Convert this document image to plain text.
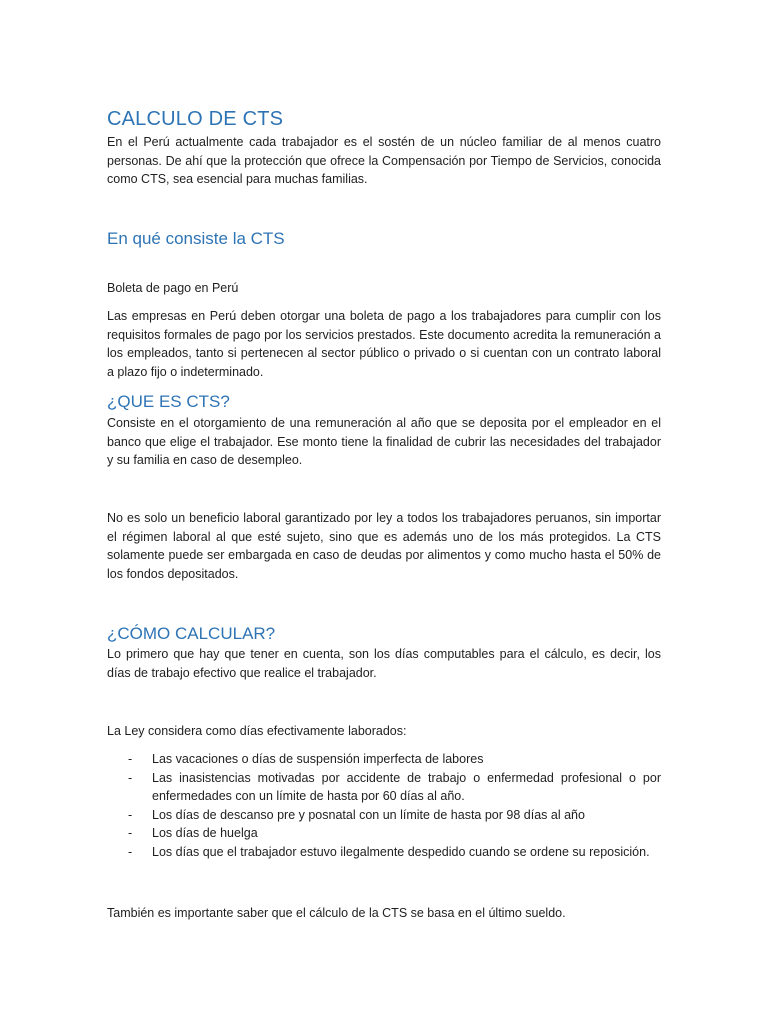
CALCULO DE CTS

En el Perú actualmente cada trabajador es el sostén de un núcleo familiar de al menos cuatro personas. De ahí que la protección que ofrece la Compensación por Tiempo de Servicios, conocida como CTS, sea esencial para muchas familias.

En qué consiste la CTS

Boleta de pago en Perú

Las empresas en Perú deben otorgar una boleta de pago a los trabajadores para cumplir con los requisitos formales de pago por los servicios prestados. Este documento acredita la remuneración a los empleados, tanto si pertenecen al sector público o privado o si cuentan con un contrato laboral a plazo fijo o indeterminado.

¿QUE ES CTS?

Consiste en el otorgamiento de una remuneración al año que se deposita por el empleador en el banco que elige el trabajador. Ese monto tiene la finalidad de cubrir las necesidades del trabajador y su familia en caso de desempleo.

No es solo un beneficio laboral garantizado por ley a todos los trabajadores peruanos, sin importar el régimen laboral al que esté sujeto, sino que es además uno de los más protegidos. La CTS solamente puede ser embargada en caso de deudas por alimentos y como mucho hasta el 50% de los fondos depositados.

¿CÓMO CALCULAR?

Lo primero que hay que tener en cuenta, son los días computables para el cálculo, es decir, los días de trabajo efectivo que realice el trabajador.

La Ley considera como días efectivamente laborados:

- Las vacaciones o días de suspensión imperfecta de labores
- Las inasistencias motivadas por accidente de trabajo o enfermedad profesional o por enfermedades con un límite de hasta por 60 días al año.
- Los días de descanso pre y posnatal con un límite de hasta por 98 días al año
- Los días de huelga
- Los días que el trabajador estuvo ilegalmente despedido cuando se ordene su reposición.

También es importante saber que el cálculo de la CTS se basa en el último sueldo.
